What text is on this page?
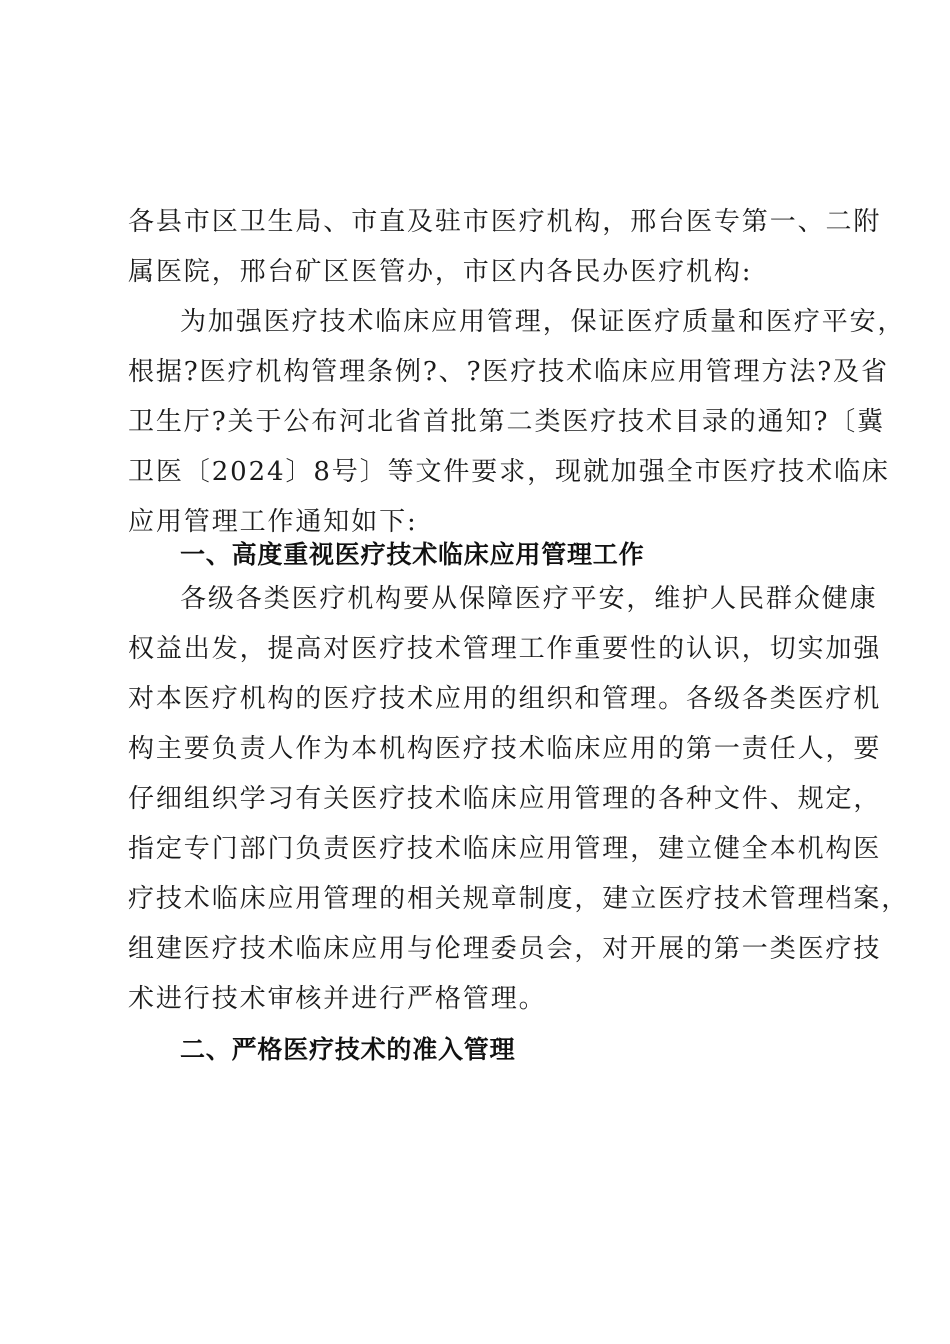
各县市区卫生局、市直及驻市医疗机构，邢台医专第一、二附
属医院，邢台矿区医管办，市区内各民办医疗机构:
为加强医疗技术临床应用管理，保证医疗质量和医疗平安，
根据?医疗机构管理条例?、?医疗技术临床应用管理方法?及省
卫生厅?关于公布河北省首批第二类医疗技术目录的通知?〔冀
卫医〔2024〕8号〕等文件要求，现就加强全市医疗技术临床
应用管理工作通知如下:
一、高度重视医疗技术临床应用管理工作
各级各类医疗机构要从保障医疗平安，维护人民群众健康
权益出发，提高对医疗技术管理工作重要性的认识，切实加强
对本医疗机构的医疗技术应用的组织和管理。各级各类医疗机
构主要负责人作为本机构医疗技术临床应用的第一责任人，要
仔细组织学习有关医疗技术临床应用管理的各种文件、规定，
指定专门部门负责医疗技术临床应用管理，建立健全本机构医
疗技术临床应用管理的相关规章制度，建立医疗技术管理档案，
组建医疗技术临床应用与伦理委员会，对开展的第一类医疗技
术进行技术审核并进行严格管理。
二、严格医疗技术的准入管理
